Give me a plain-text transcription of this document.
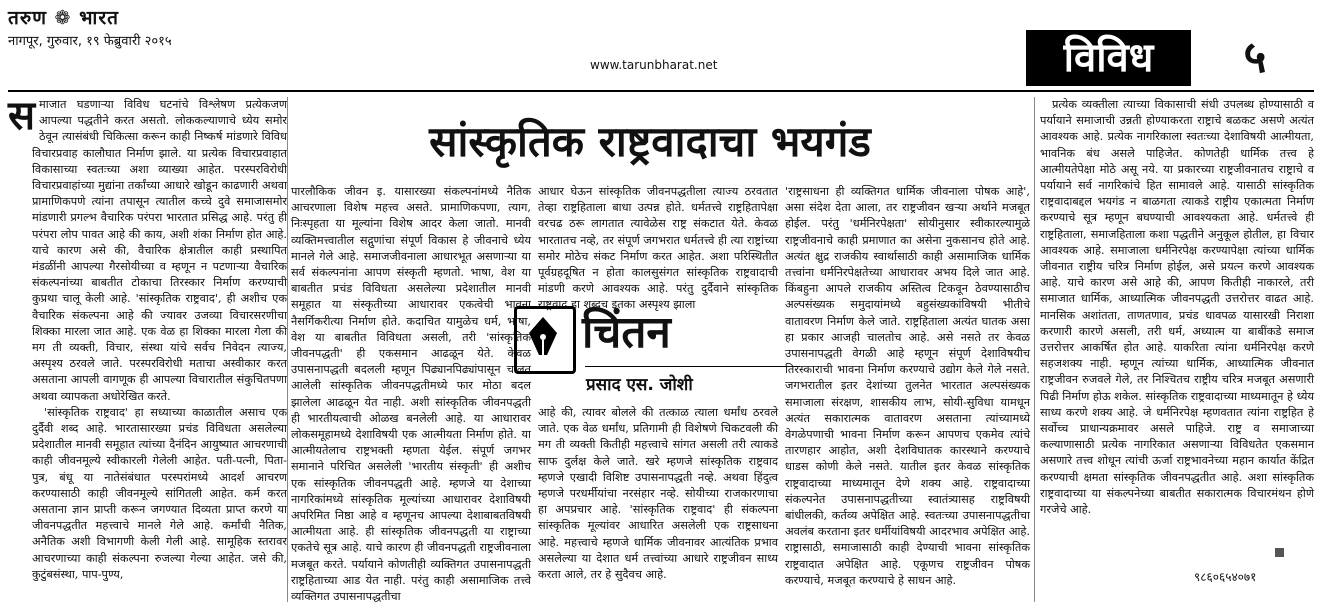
तरुण ❁ भारत
नागपूर, गुरुवार, १९ फेब्रुवारी २०१५
www.tarunbharat.net	विविध	५
सांस्कृतिक राष्ट्रवादाचा भयगंड
स माजात घडणाऱ्या विविध घटनांचे विश्लेषण प्रत्येकजण आपल्या पद्धतीने करत असतो. लोककल्याणाचे ध्येय समोर ठेवून त्यासंबंधी चिकित्सा करून काही निष्कर्ष मांडणारे विविध विचारप्रवाह कालौघात निर्माण झाले. या प्रत्येक विचारप्रवाहात विकासाच्या स्वतःच्या अशा व्याख्या आहेत. परस्परविरोधी विचारप्रवाहांच्या मुद्यांना तर्कांच्या आधारे खोडून काढणारी अथवा प्रामाणिकपणे त्यांना तपासून त्यातील कच्चे दुवे समाजासमोर मांडणारी प्रगल्भ वैचारिक परंपरा भारतात प्रसिद्ध आहे. परंतु ही परंपरा लोप पावत आहे की काय, अशी शंका निर्माण होत आहे. याचे कारण असे की, वैचारिक क्षेत्रातील काही प्रस्थापित मंडळींनी आपल्या गैरसोयीच्या व म्हणून न पटणाऱ्या वैचारिक संकल्पनांच्या बाबतीत टोकाचा तिरस्कार निर्माण करण्याची कुप्रथा चालू केली आहे. 'सांस्कृतिक राष्ट्रवाद', ही अशीच एक वैचारिक संकल्पना आहे की ज्यावर उजव्या विचारसरणीचा शिक्का मारला जात आहे. एक वेळ हा शिक्का मारला गेला की मग ती व्यक्ती, विचार, संस्था यांचे सर्वच निवेदन त्याज्य, अस्पृश्य ठरवले जाते. परस्परविरोधी मताचा अस्वीकार करत असताना आपली वागणूक ही आपल्या विचारातील संकुचितपणा अथवा व्यापकता अधोरेखित करते.

'सांस्कृतिक राष्ट्रवाद' हा सध्याच्या काळातील असाच एक दुर्दैवी शब्द आहे. भारतासारख्या प्रचंड विविधता असलेल्या प्रदेशातील मानवी समूहात त्यांच्या दैनंदिन आयुष्यात आचरणाची काही जीवनमूल्ये स्वीकारली गेलेली आहेत. पती-पत्नी, पिता-पुत्र, बंधू या नातेसंबंधात परस्परांमध्ये आदर्श आचरण करण्यासाठी काही जीवनमूल्ये सांगितली आहेत. कर्म करत असताना ज्ञान प्राप्ती करून जगण्यात दिव्यता प्राप्त करणे या जीवनपद्धतीत महत्त्वाचे मानले गेले आहे. कर्मांची नैतिक, अनैतिक अशी विभागणी केली गेली आहे. सामूहिक स्तरावर आचरणाच्या काही संकल्पना रुजल्या गेल्या आहेत. जसे की, कुटुंबसंस्था, पाप-पुण्य,

पारलौकिक जीवन इ. यासारख्या संकल्पनांमध्ये नैतिक आचरणाला विशेष महत्त्व असते. प्रामाणिकपणा, त्याग, निःस्पृहता या मूल्यांना विशेष आदर केला जातो. मानवी व्यक्तिमत्त्वातील सद्गुणांचा संपूर्ण विकास हे जीवनाचे ध्येय मानले गेले आहे. समाजजीवनाला आधारभूत असणाऱ्या या सर्व संकल्पनांना आपण संस्कृती म्हणतो. भाषा, वेश या बाबतीत प्रचंड विविधता असलेल्या प्रदेशातील मानवी समूहात या संस्कृतीच्या आधारावर एकत्वेची भावना नैसर्गिकरीत्या निर्माण होते. कदाचित यामुळेच धर्म, भाषा, वेश या बाबतीत विविधता असली, तरी 'सांस्कृतिक जीवनपद्धती' ही एकसमान आढळून येते. केवळ उपासनापद्धती बदलली म्हणून पिढ्यानपिढ्यांपासून चालत आलेली सांस्कृतिक जीवनपद्धतीमध्ये फार मोठा बदल झालेला आढळून येत नाही. अशी सांस्कृतिक जीवनपद्धती ही भारतीयत्वाची ओळख बनलेली आहे. या आधारावर लोकसमूहामध्ये देशाविषयी एक आत्मीयता निर्माण होते. या आत्मीयतेलाच राष्ट्रभक्ती म्हणता येईल. संपूर्ण जगभर समानाने परिचित असलेली 'भारतीय संस्कृती' ही अशीच एक सांस्कृतिक जीवनपद्धती आहे. म्हणजे या देशाच्या नागरिकांमध्ये सांस्कृतिक मूल्यांच्या आधारावर देशाविषयी अपरिमित निष्ठा आहे व म्हणूनच आपल्या देशाबाबतविषयी आत्मीयता आहे. ही सांस्कृतिक जीवनपद्धती या राष्ट्राच्या एकतेचे सूत्र आहे. याचे कारण ही जीवनपद्धती राष्ट्रजीवनाला मजबूत करते. पर्यायाने कोणतीही व्यक्तिगत उपासनापद्धती राष्ट्रहिताच्या आड येत नाही. परंतु काही असामाजिक तत्त्वे व्यक्तिगत उपासनापद्धतीचा

आधार घेऊन सांस्कृतिक जीवनपद्धतीला त्याज्य ठरवतात तेव्हा राष्ट्रहिताला बाधा उत्पन्न होते. धर्मतत्त्वे राष्ट्रहितापेक्षा वरचढ ठरू लागतात त्यावेळेस राष्ट्र संकटात येते. केवळ भारतातच नव्हे, तर संपूर्ण जगभरात धर्मतत्त्वे ही त्या राष्ट्रांच्या समोर मोठेच संकट निर्माण करत आहेत. अशा परिस्थितीत पूर्वग्रहदूषित न होता कालसुसंगत सांस्कृतिक राष्ट्रवादाची मांडणी करणे आवश्यक आहे. परंतु दुर्दैवाने सांस्कृतिक राष्ट्रवाद हा शब्दच इतका अस्पृश्य झाला

चिंतन
प्रसाद एस. जोशी

आहे की, त्यावर बोलले की तत्काळ त्याला धर्मांध ठरवले जाते. एक वेळ धर्मांध, प्रतिगामी ही विशेषणे चिकटवली की मग ती व्यक्ती कितीही महत्त्वाचे सांगत असली तरी त्याकडे साफ दुर्लक्ष केले जाते. खरे म्हणजे सांस्कृतिक राष्ट्रवाद म्हणजे एखादी विशिष्ट उपासनापद्धती नव्हे. अथवा हिंदुत्व म्हणजे परधर्मीयांचा नरसंहार नव्हे. सोयीच्या राजकारणाचा हा अपप्रचार आहे. 'सांस्कृतिक राष्ट्रवाद' ही संकल्पना सांस्कृतिक मूल्यांवर आधारित असलेली एक राष्ट्रसाधना आहे. महत्त्वाचे म्हणजे धार्मिक जीवनावर आत्यंतिक प्रभाव असलेल्या या देशात धर्म तत्त्वांच्या आधारे राष्ट्रजीवन साध्य करता आले, तर हे सुदैवच आहे.

'राष्ट्रसाधना ही व्यक्तिगत धार्मिक जीवनाला पोषक आहे', असा संदेश देता आला, तर राष्ट्रजीवन खऱ्या अर्थाने मजबूत होईल. परंतु 'धर्मनिरपेक्षता' सोयीनुसार स्वीकारल्यामुळे राष्ट्रजीवनाचे काही प्रमाणात का असेना नुकसानच होते आहे. अत्यंत क्षुद्र राजकीय स्वार्थासाठी काही असामाजिक धार्मिक तत्त्वांना धर्मनिरपेक्षतेच्या आधारावर अभय दिले जात आहे. किंबहुना आपले राजकीय अस्तित्व टिकवून ठेवण्यासाठीच अल्पसंख्यक समुदायांमध्ये बहुसंख्यकांविषयी भीतीचे वातावरण निर्माण केले जाते. राष्ट्रहिताला अत्यंत घातक असा हा प्रकार आजही चालतोच आहे. असे नसते तर केवळ उपासनापद्धती वेगळी आहे म्हणून संपूर्ण देशाविषयीच तिरस्काराची भावना निर्माण करण्याचे उद्योग केले गेले नसते. जगभरातील इतर देशांच्या तुलनेत भारतात अल्पसंख्यक समाजाला संरक्षण, शासकीय लाभ, सोयी-सुविधा यामधून अत्यंत सकारात्मक वातावरण असताना त्यांच्यामध्ये वेगळेपणाची भावना निर्माण करून आपणच एकमेव त्यांचे तारणहार आहोत, अशी देशविघातक कारस्थाने करण्याचे धाडस कोणी केले नसते. यातील इतर केवळ सांस्कृतिक राष्ट्रवादाच्या माध्यमातून देणे शक्य आहे. राष्ट्रवादाच्या संकल्पनेत उपासनापद्धतीच्या स्वातंत्र्यासह राष्ट्रविषयी बांधीलकी, कर्तव्य अपेक्षित आहे. स्वतःच्या उपासनापद्धतीचा अवलंब करताना इतर धर्मीयांविषयी आदरभाव अपेक्षित आहे. राष्ट्रासाठी, समाजासाठी काही देण्याची भावना सांस्कृतिक राष्ट्रवादात अपेक्षित आहे. एकूणच राष्ट्रजीवन पोषक करण्याचे, मजबूत करण्याचे हे साधन आहे.

प्रत्येक व्यक्तीला त्याच्या विकासाची संधी उपलब्ध होण्यासाठी व पर्यायाने समाजाची उन्नती होण्याकरता राष्ट्राचे बळकट असणे अत्यंत आवश्यक आहे. प्रत्येक नागरिकाला स्वतःच्या देशाविषयी आत्मीयता, भावनिक बंध असले पाहिजेत. कोणतेही धार्मिक तत्त्व हे आत्मीयतेपेक्षा मोठे असू नये. या प्रकारच्या राष्ट्रजीवनातच राष्ट्राचे व पर्यायाने सर्व नागरिकांचे हित सामावले आहे. यासाठी सांस्कृतिक राष्ट्रवादाबद्दल भयगंड न बाळगता त्याकडे राष्ट्रीय एकात्मता निर्माण करण्याचे सूत्र म्हणून बघण्याची आवश्यकता आहे. धर्मतत्त्वे ही राष्ट्रहिताला, समाजहिताला कशा पद्धतीने अनुकूल होतील, हा विचार आवश्यक आहे. समाजाला धर्मनिरपेक्ष करण्यापेक्षा त्यांच्या धार्मिक जीवनात राष्ट्रीय चरित्र निर्माण होईल, असे प्रयत्न करणे आवश्यक आहे. याचे कारण असे आहे की, आपण कितीही नाकारले, तरी समाजात धार्मिक, आध्यात्मिक जीवनपद्धती उत्तरोत्तर वाढत आहे. मानसिक अशांतता, ताणतणाव, प्रचंड धावपळ यासारखी निराशा करणारी कारणे असली, तरी धर्म, अध्यात्म या बाबींकडे समाज उत्तरोत्तर आकर्षित होत आहे. याकरिता त्यांना धर्मनिरपेक्ष करणे सहजशक्य नाही. म्हणून त्यांच्या धार्मिक, आध्यात्मिक जीवनात राष्ट्रजीवन रुजवले गेले, तर निश्चितच राष्ट्रीय चरित्र मजबूत असणारी पिढी निर्माण होऊ शकेल. सांस्कृतिक राष्ट्रवादाच्या माध्यमातून हे ध्येय साध्य करणे शक्य आहे. जे धर्मनिरपेक्ष म्हणवतात त्यांना राष्ट्रहित हे सर्वोच्च प्राधान्यक्रमावर असले पाहिजे. राष्ट्र व समाजाच्या कल्याणासाठी प्रत्येक नागरिकात असणाऱ्या विविधतेत एकसमान असणारे तत्त्व शोधून त्यांची ऊर्जा राष्ट्रभावनेच्या महान कार्यात केंद्रित करण्याची क्षमता सांस्कृतिक जीवनपद्धतीत आहे. अशा सांस्कृतिक राष्ट्रवादाच्या या संकल्पनेच्या बाबतीत सकारात्मक विचारमंथन होणे गरजेचे आहे.

९८६०६५४०७१
